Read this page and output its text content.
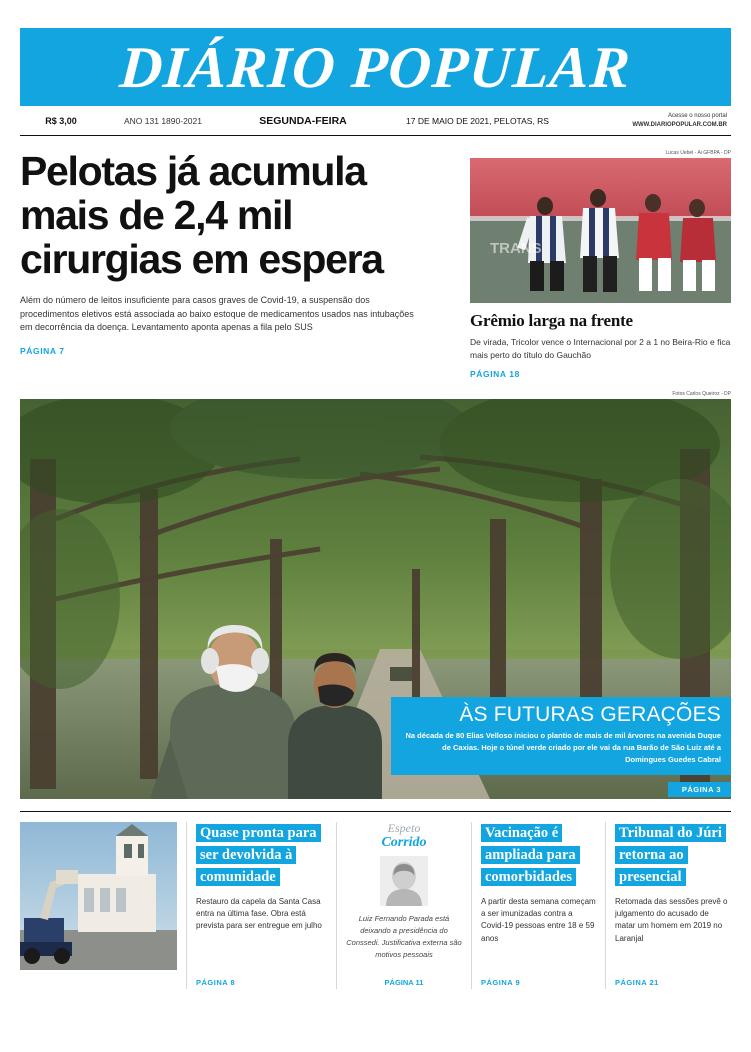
DIÁRIO POPULAR
R$ 3,00	ANO 131 1890-2021	SEGUNDA-FEIRA	17 DE MAIO DE 2021, PELOTAS, RS	Acesse o nosso portal
WWW.DIARIOPOPULAR.COM.BR
Pelotas já acumula mais de 2,4 mil cirurgias em espera
Além do número de leitos insuficiente para casos graves de Covid-19, a suspensão dos procedimentos eletivos está associada ao baixo estoque de medicamentos usados nas intubações em decorrência da doença. Levantamento aponta apenas a fila pelo SUS
PÁGINA 7
Lucas Uebel - Ai GFBPA - DP
TRANS
Grêmio larga na frente
De virada, Tricolor vence o Internacional por 2 a 1 no Beira-Rio e fica mais perto do título do Gauchão
PÁGINA 18
Fotos Carlos Queiroz - DP
ÀS FUTURAS GERAÇÕES
Na década de 80 Elias Velloso iniciou o plantio de mais de mil árvores na avenida Duque de Caxias. Hoje o túnel verde criado por ele vai da rua Barão de São Luiz até a Domingues Guedes Cabral
PÁGINA 3
Quase pronta para ser devolvida à comunidade
Restauro da capela da Santa Casa entra na última fase. Obra está prevista para ser entregue em julho
PÁGINA 8
Espeto
Corrido
Luiz Fernando Parada está deixando a presidência do Conssedi. Justificativa externa são motivos pessoais
PÁGINA 11
Vacinação é ampliada para comorbidades
A partir desta semana começam a ser imunizadas contra a Covid-19 pessoas entre 18 e 59 anos
PÁGINA 9
Tribunal do Júri retorna ao presencial
Retomada das sessões prevê o julgamento do acusado de matar um homem em 2019 no Laranjal
PÁGINA 21
